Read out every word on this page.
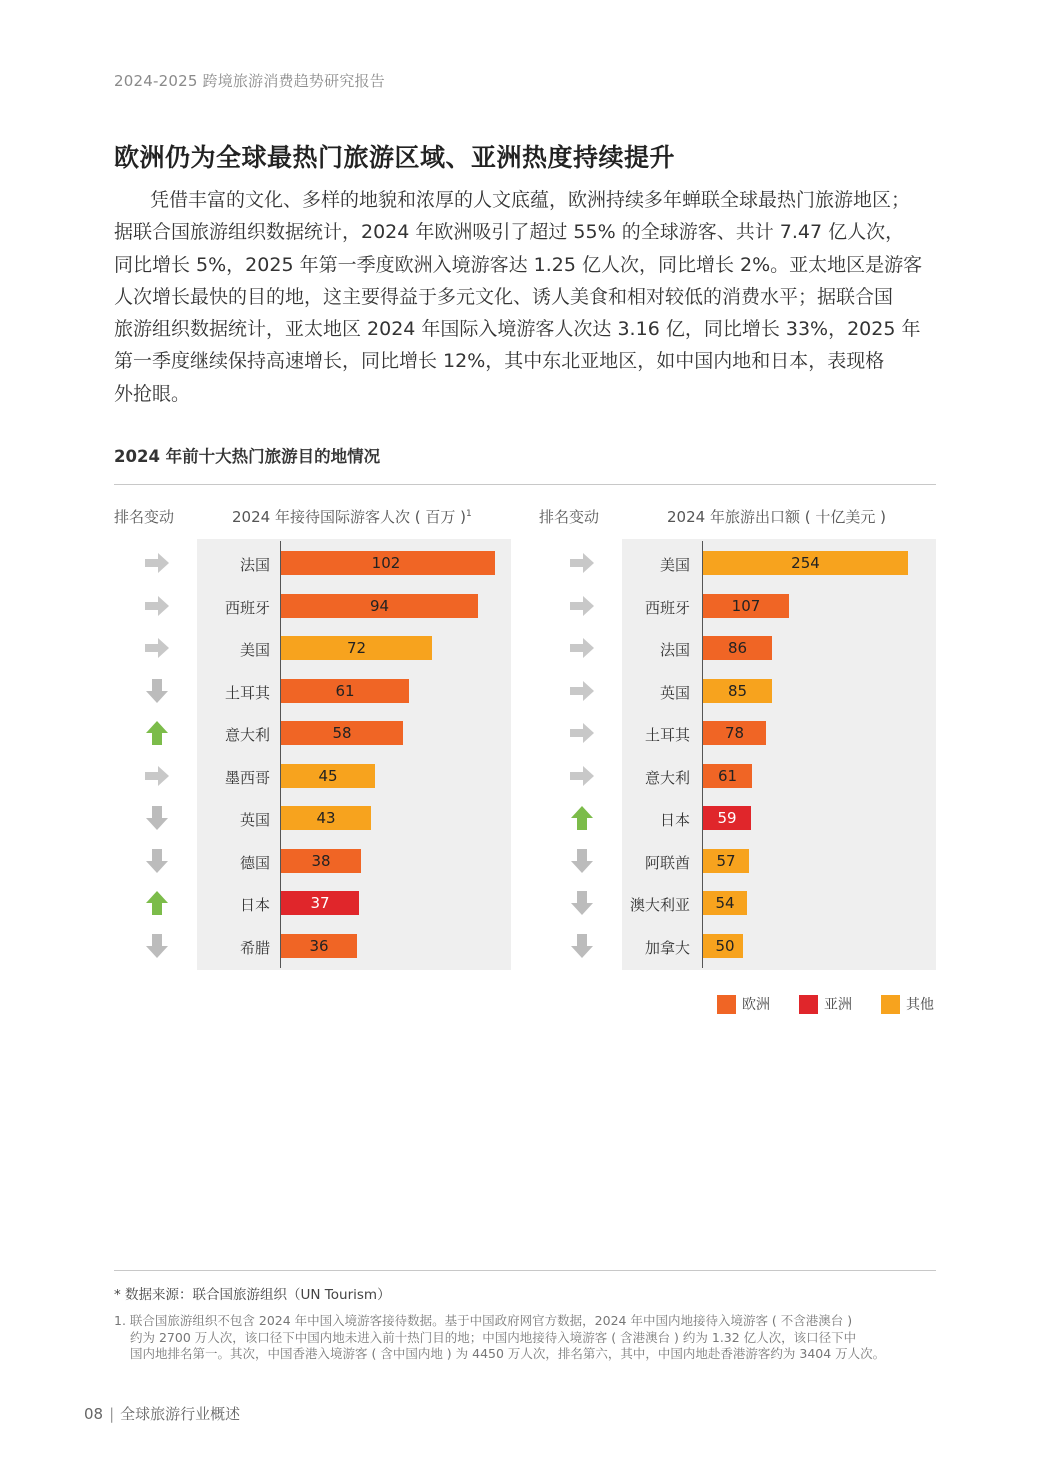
2024-2025 跨境旅游消费趋势研究报告
欧洲仍为全球最热门旅游区域、亚洲热度持续提升
凭借丰富的文化、多样的地貌和浓厚的人文底蕴，欧洲持续多年蝉联全球最热门旅游地区；
据联合国旅游组织数据统计，2024 年欧洲吸引了超过 55% 的全球游客、共计 7.47 亿人次，
同比增长 5%，2025 年第一季度欧洲入境游客达 1.25 亿人次，同比增长 2%。亚太地区是游客
人次增长最快的目的地，这主要得益于多元文化、诱人美食和相对较低的消费水平；据联合国
旅游组织数据统计，亚太地区 2024 年国际入境游客人次达 3.16 亿，同比增长 33%，2025 年
第一季度继续保持高速增长，同比增长 12%，其中东北亚地区，如中国内地和日本，表现格
外抢眼。
2024 年前十大热门旅游目的地情况
排名变动	2024 年接待国际游客人次 ( 百万 )$^1$	排名变动	2024 年旅游出口额 ( 十亿美元 )
法国	102
西班牙	94
美国	72
土耳其	61
意大利	58
墨西哥	45
英国	43
德国	38
日本	37
希腊	36
美国	254
西班牙	107
法国	86
英国	85
土耳其	78
意大利	61
日本	59
阿联酋	57
澳大利亚	54
加拿大	50
欧洲	亚洲	其他
* 数据来源：联合国旅游组织（UN Tourism）
1. 联合国旅游组织不包含 2024 年中国入境游客接待数据。基于中国政府网官方数据，2024 年中国内地接待入境游客 ( 不含港澳台 )
约为 2700 万人次，该口径下中国内地未进入前十热门目的地；中国内地接待入境游客 ( 含港澳台 ) 约为 1.32 亿人次，该口径下中
国内地排名第一。其次，中国香港入境游客 ( 含中国内地 ) 为 4450 万人次，排名第六，其中，中国内地赴香港游客约为 3404 万人次。
08 | 全球旅游行业概述
